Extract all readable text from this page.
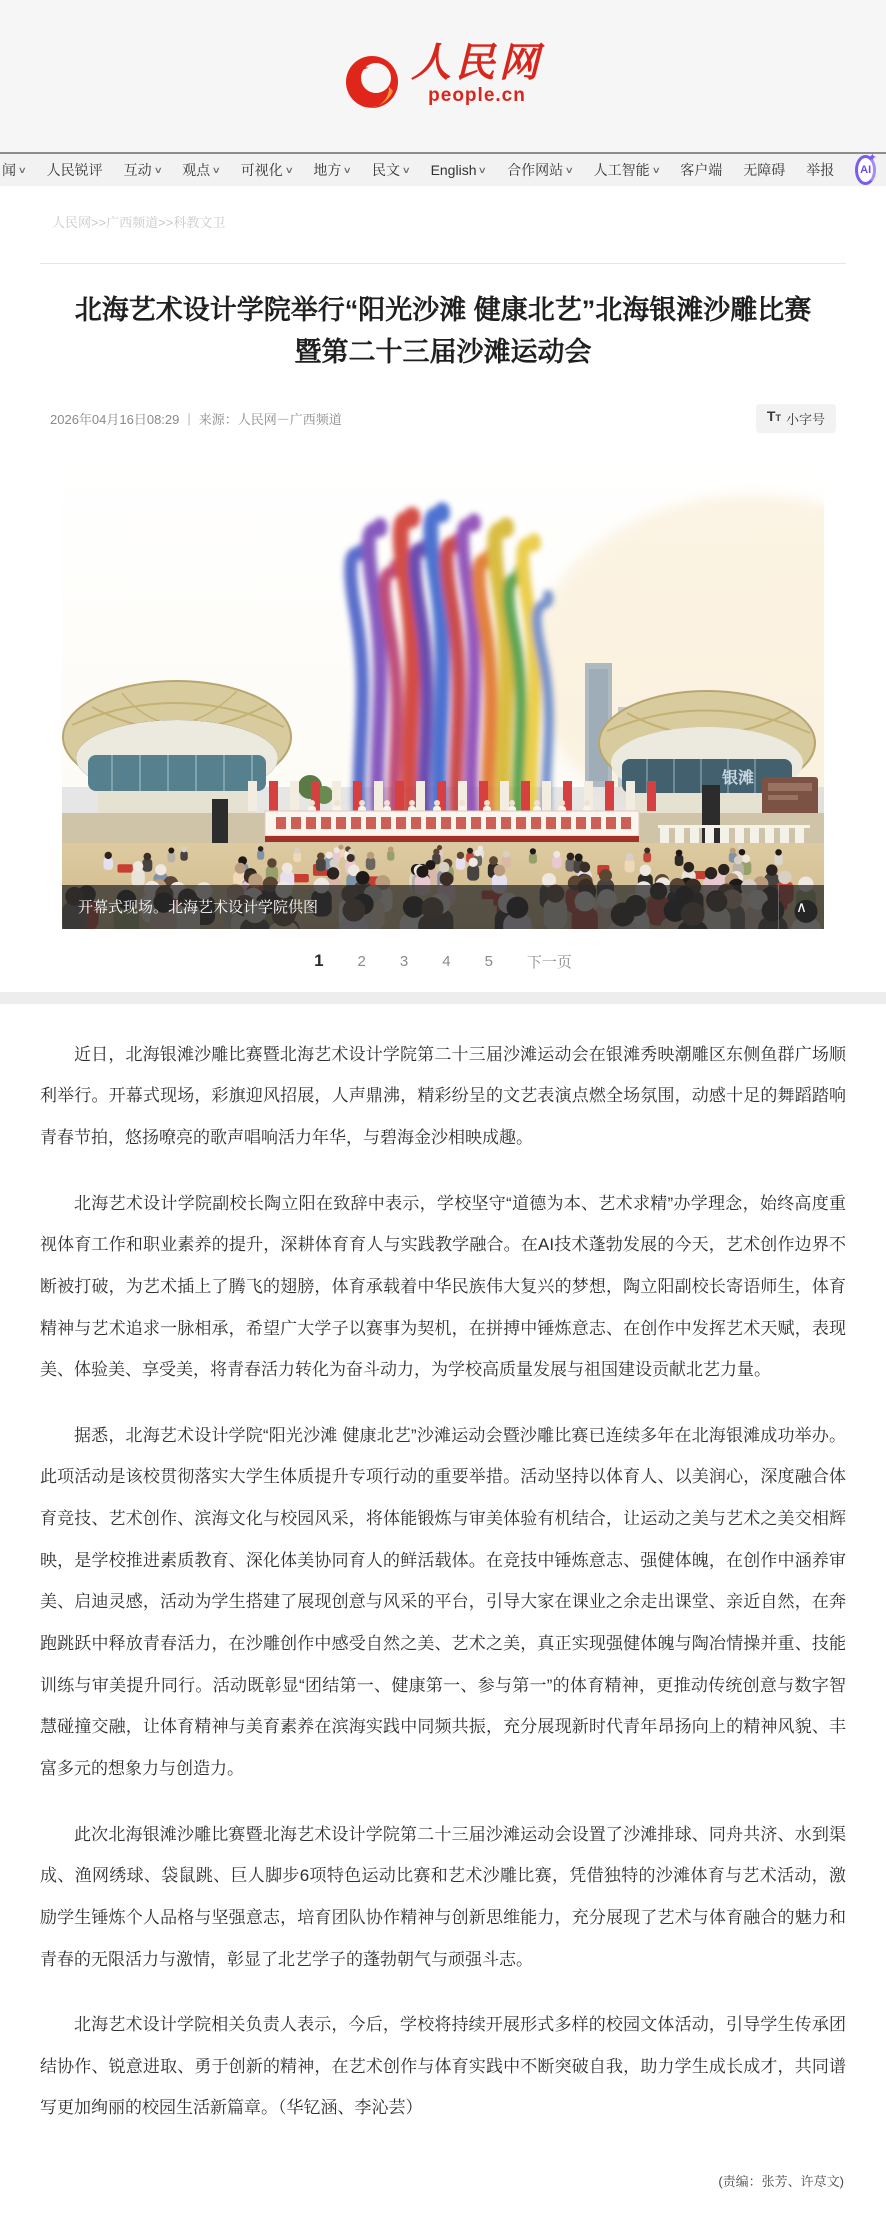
人民网
people.cn
闻 ∨ 人民锐评 互动 ∨ 观点 ∨ 可视化 ∨ 地方 ∨ 民文 ∨ English ∨ 合作网站 ∨ 人工智能 ∨ 客户端 无障碍 举报 AI
✦
人民网>>广西频道>>科教文卫
北海艺术设计学院举行“阳光沙滩 健康北艺”北海银滩沙雕比赛暨第二十三届沙滩运动会
2026年04月16日08:29 | 来源： 人民网－广西频道	TT 小字号
银滩
开幕式现场。北海艺术设计学院供图	∧
1 2 3 4 5 下一页

近日，北海银滩沙雕比赛暨北海艺术设计学院第二十三届沙滩运动会在银滩秀映潮雕区东侧鱼群广场顺利举行。开幕式现场，彩旗迎风招展，人声鼎沸，精彩纷呈的文艺表演点燃全场氛围，动感十足的舞蹈踏响青春节拍，悠扬嘹亮的歌声唱响活力年华，与碧海金沙相映成趣。

北海艺术设计学院副校长陶立阳在致辞中表示，学校坚守“道德为本、艺术求精”办学理念，始终高度重视体育工作和职业素养的提升，深耕体育育人与实践教学融合。在AI技术蓬勃发展的今天，艺术创作边界不断被打破，为艺术插上了腾飞的翅膀，体育承载着中华民族伟大复兴的梦想，陶立阳副校长寄语师生，体育精神与艺术追求一脉相承，希望广大学子以赛事为契机，在拼搏中锤炼意志、在创作中发挥艺术天赋，表现美、体验美、享受美，将青春活力转化为奋斗动力，为学校高质量发展与祖国建设贡献北艺力量。

据悉，北海艺术设计学院“阳光沙滩 健康北艺”沙滩运动会暨沙雕比赛已连续多年在北海银滩成功举办。此项活动是该校贯彻落实大学生体质提升专项行动的重要举措。活动坚持以体育人、以美润心，深度融合体育竞技、艺术创作、滨海文化与校园风采，将体能锻炼与审美体验有机结合，让运动之美与艺术之美交相辉映，是学校推进素质教育、深化体美协同育人的鲜活载体。在竞技中锤炼意志、强健体魄，在创作中涵养审美、启迪灵感，活动为学生搭建了展现创意与风采的平台，引导大家在课业之余走出课堂、亲近自然，在奔跑跳跃中释放青春活力，在沙雕创作中感受自然之美、艺术之美，真正实现强健体魄与陶冶情操并重、技能训练与审美提升同行。活动既彰显“团结第一、健康第一、参与第一”的体育精神，更推动传统创意与数字智慧碰撞交融，让体育精神与美育素养在滨海实践中同频共振，充分展现新时代青年昂扬向上的精神风貌、丰富多元的想象力与创造力。

此次北海银滩沙雕比赛暨北海艺术设计学院第二十三届沙滩运动会设置了沙滩排球、同舟共济、水到渠成、渔网绣球、袋鼠跳、巨人脚步6项特色运动比赛和艺术沙雕比赛，凭借独特的沙滩体育与艺术活动，激励学生锤炼个人品格与坚强意志，培育团队协作精神与创新思维能力，充分展现了艺术与体育融合的魅力和青春的无限活力与激情，彰显了北艺学子的蓬勃朝气与顽强斗志。

北海艺术设计学院相关负责人表示，今后，学校将持续开展形式多样的校园文体活动，引导学生传承团结协作、锐意进取、勇于创新的精神，在艺术创作与体育实践中不断突破自我，助力学生成长成才，共同谱写更加绚丽的校园生活新篇章。（华钇涵、李沁芸）

(责编：张芳、许荩文)
